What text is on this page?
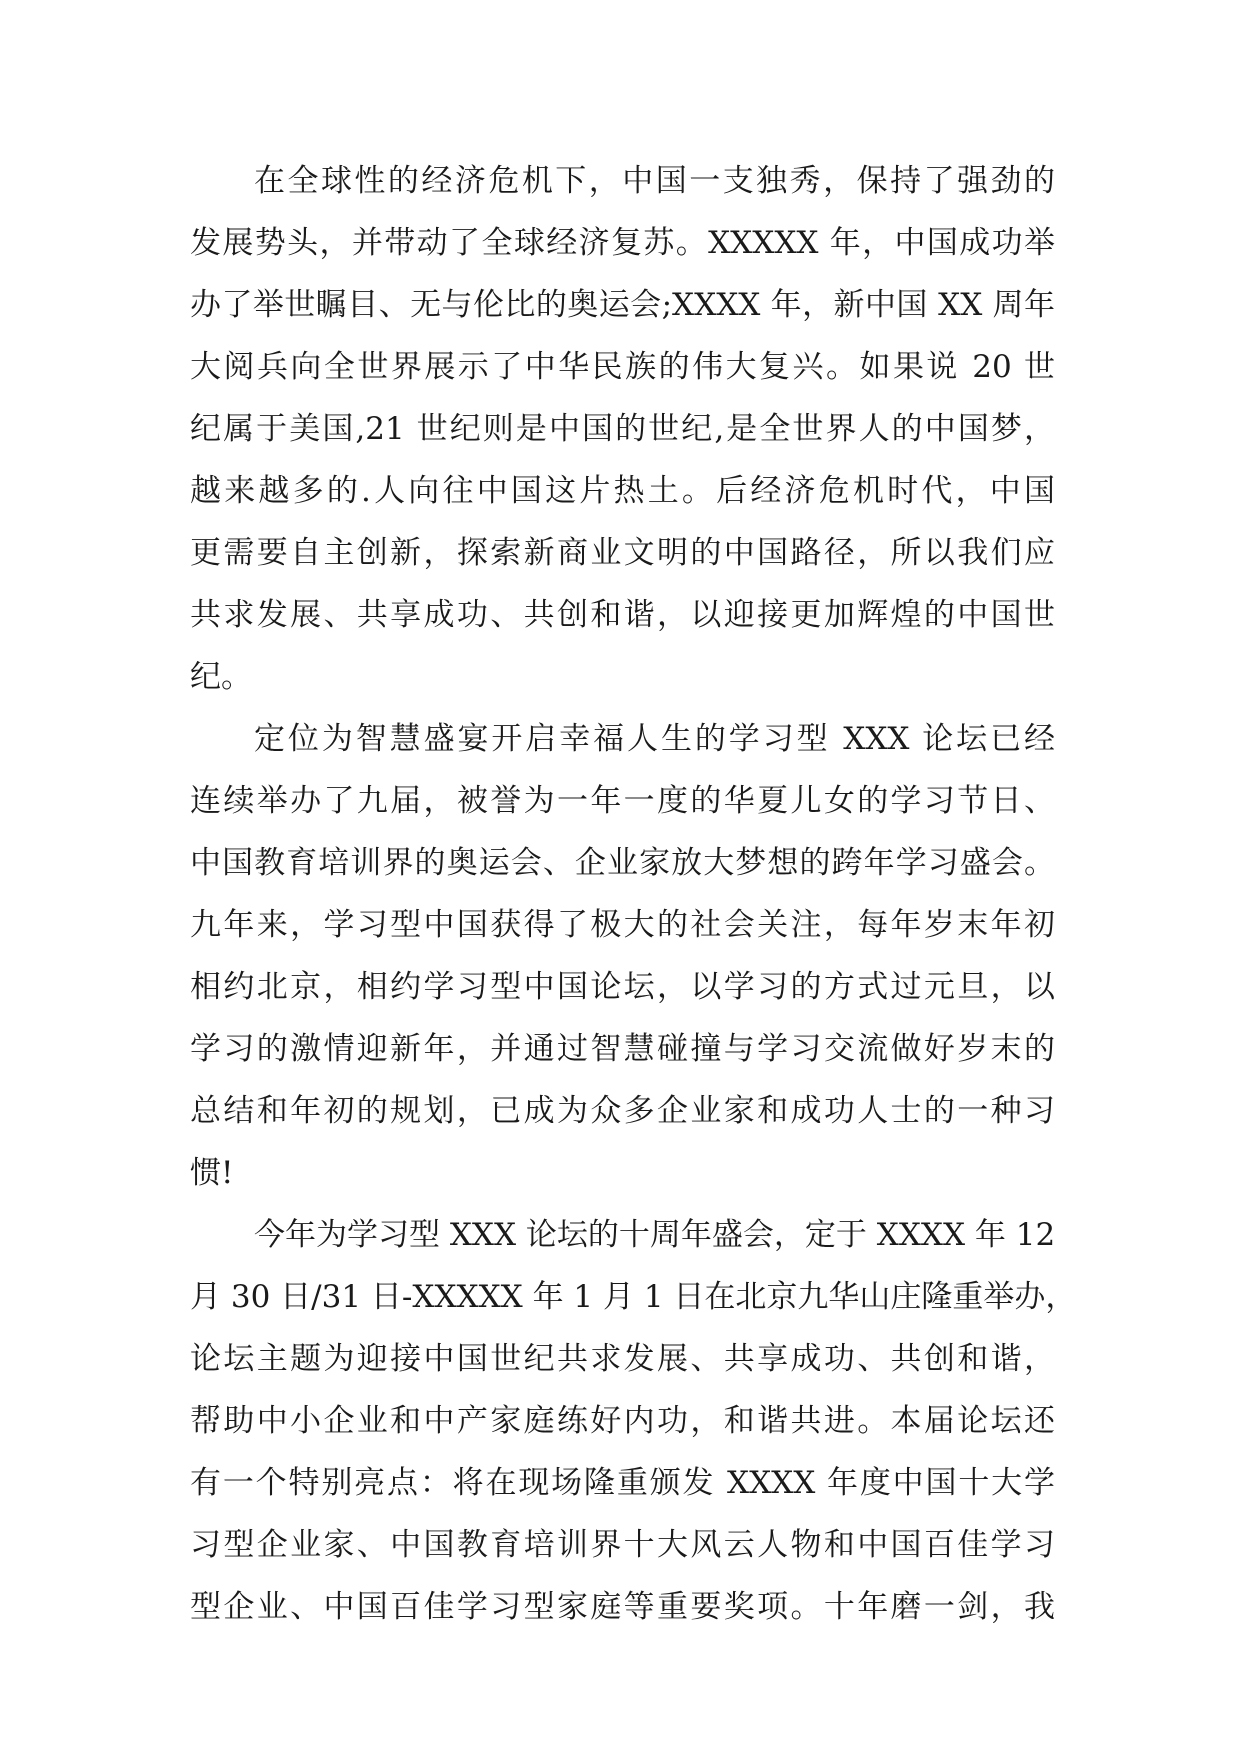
在全球性的经济危机下，中国一支独秀，保持了强劲的
发展势头，并带动了全球经济复苏。XXXXX 年，中国成功举
办了举世瞩目、无与伦比的奥运会;XXXX 年，新中国 XX 周年
大阅兵向全世界展示了中华民族的伟大复兴。如果说 20 世
纪属于美国,21 世纪则是中国的世纪,是全世界人的中国梦，
越来越多的.人向往中国这片热土。后经济危机时代，中国
更需要自主创新，探索新商业文明的中国路径，所以我们应
共求发展、共享成功、共创和谐，以迎接更加辉煌的中国世
纪。
定位为智慧盛宴开启幸福人生的学习型 XXX 论坛已经
连续举办了九届，被誉为一年一度的华夏儿女的学习节日、
中国教育培训界的奥运会、企业家放大梦想的跨年学习盛会。
九年来，学习型中国获得了极大的社会关注，每年岁末年初
相约北京，相约学习型中国论坛，以学习的方式过元旦，以
学习的激情迎新年，并通过智慧碰撞与学习交流做好岁末的
总结和年初的规划，已成为众多企业家和成功人士的一种习
惯!
今年为学习型 XXX 论坛的十周年盛会，定于 XXXX 年 12
月 30 日/31 日-XXXXX 年 1 月 1 日在北京九华山庄隆重举办，
论坛主题为迎接中国世纪共求发展、共享成功、共创和谐，
帮助中小企业和中产家庭练好内功，和谐共进。本届论坛还
有一个特别亮点：将在现场隆重颁发 XXXX 年度中国十大学
习型企业家、中国教育培训界十大风云人物和中国百佳学习
型企业、中国百佳学习型家庭等重要奖项。十年磨一剑，我
